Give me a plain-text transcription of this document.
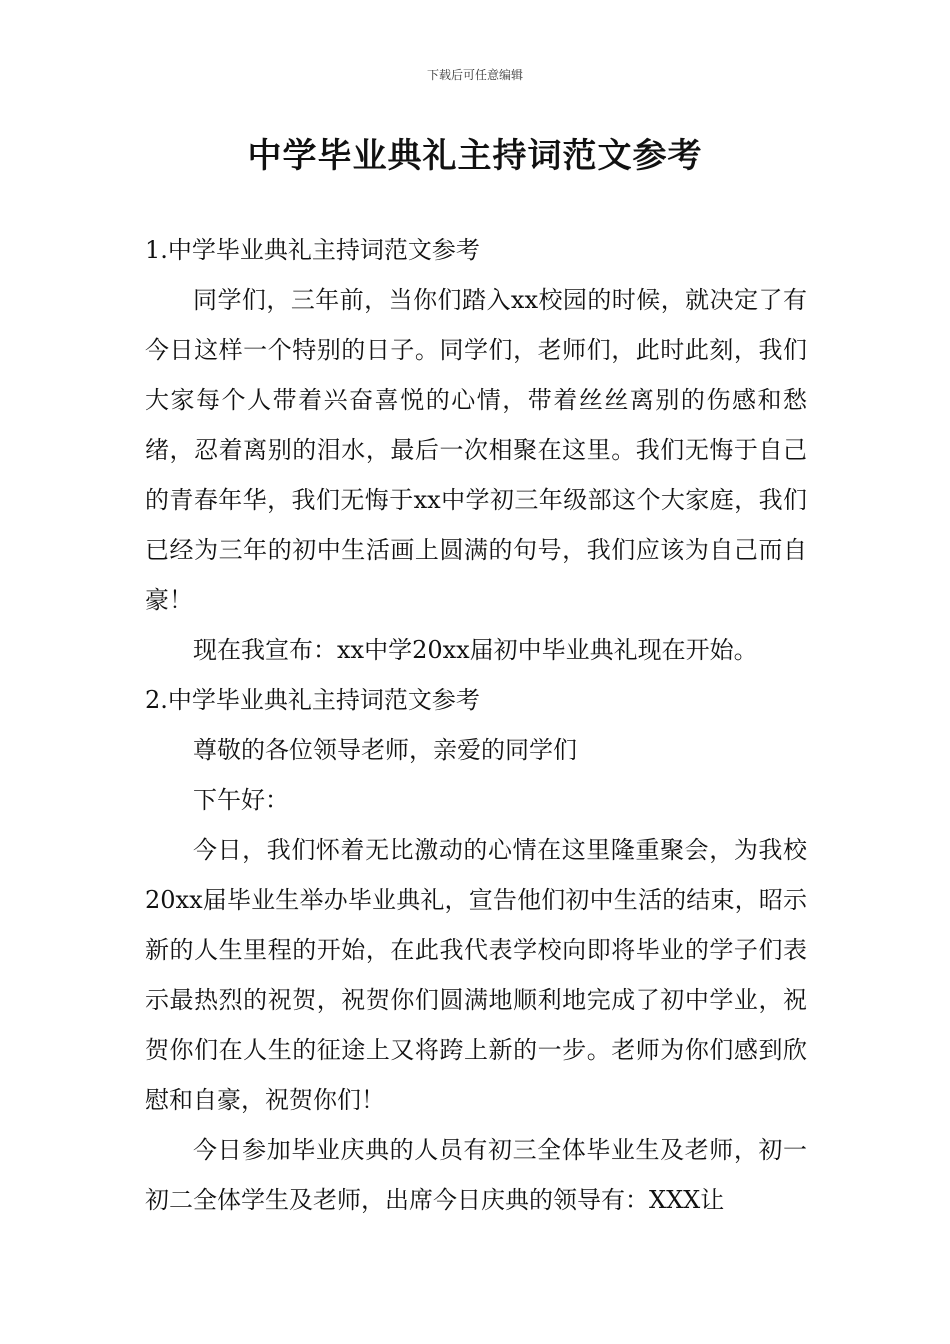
下载后可任意编辑
中学毕业典礼主持词范文参考

1.中学毕业典礼主持词范文参考

同学们，三年前，当你们踏入xx校园的时候，就决定了有今日这样一个特别的日子。同学们，老师们，此时此刻，我们大家每个人带着兴奋喜悦的心情，带着丝丝离别的伤感和愁绪，忍着离别的泪水，最后一次相聚在这里。我们无悔于自己的青春年华，我们无悔于xx中学初三年级部这个大家庭，我们已经为三年的初中生活画上圆满的句号，我们应该为自己而自豪！

现在我宣布：xx中学20xx届初中毕业典礼现在开始。

2.中学毕业典礼主持词范文参考

尊敬的各位领导老师，亲爱的同学们

下午好：

今日，我们怀着无比激动的心情在这里隆重聚会，为我校20xx届毕业生举办毕业典礼，宣告他们初中生活的结束，昭示新的人生里程的开始，在此我代表学校向即将毕业的学子们表示最热烈的祝贺，祝贺你们圆满地顺利地完成了初中学业，祝贺你们在人生的征途上又将跨上新的一步。老师为你们感到欣慰和自豪，祝贺你们！

今日参加毕业庆典的人员有初三全体毕业生及老师，初一初二全体学生及老师，出席今日庆典的领导有：XXX让
